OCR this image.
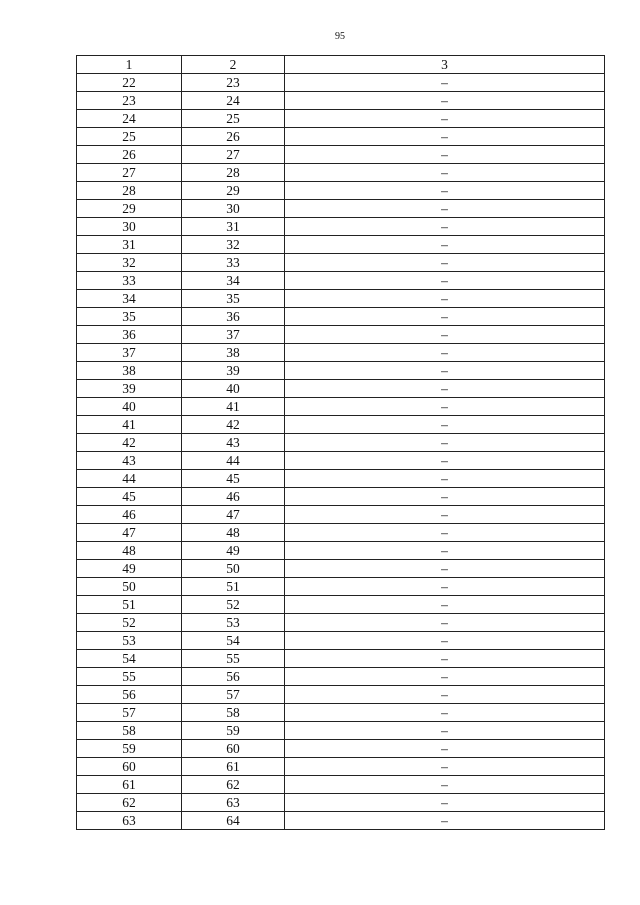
95
1	2	3
22	23	–
23	24	–
24	25	–
25	26	–
26	27	–
27	28	–
28	29	–
29	30	–
30	31	–
31	32	–
32	33	–
33	34	–
34	35	–
35	36	–
36	37	–
37	38	–
38	39	–
39	40	–
40	41	–
41	42	–
42	43	–
43	44	–
44	45	–
45	46	–
46	47	–
47	48	–
48	49	–
49	50	–
50	51	–
51	52	–
52	53	–
53	54	–
54	55	–
55	56	–
56	57	–
57	58	–
58	59	–
59	60	–
60	61	–
61	62	–
62	63	–
63	64	–
